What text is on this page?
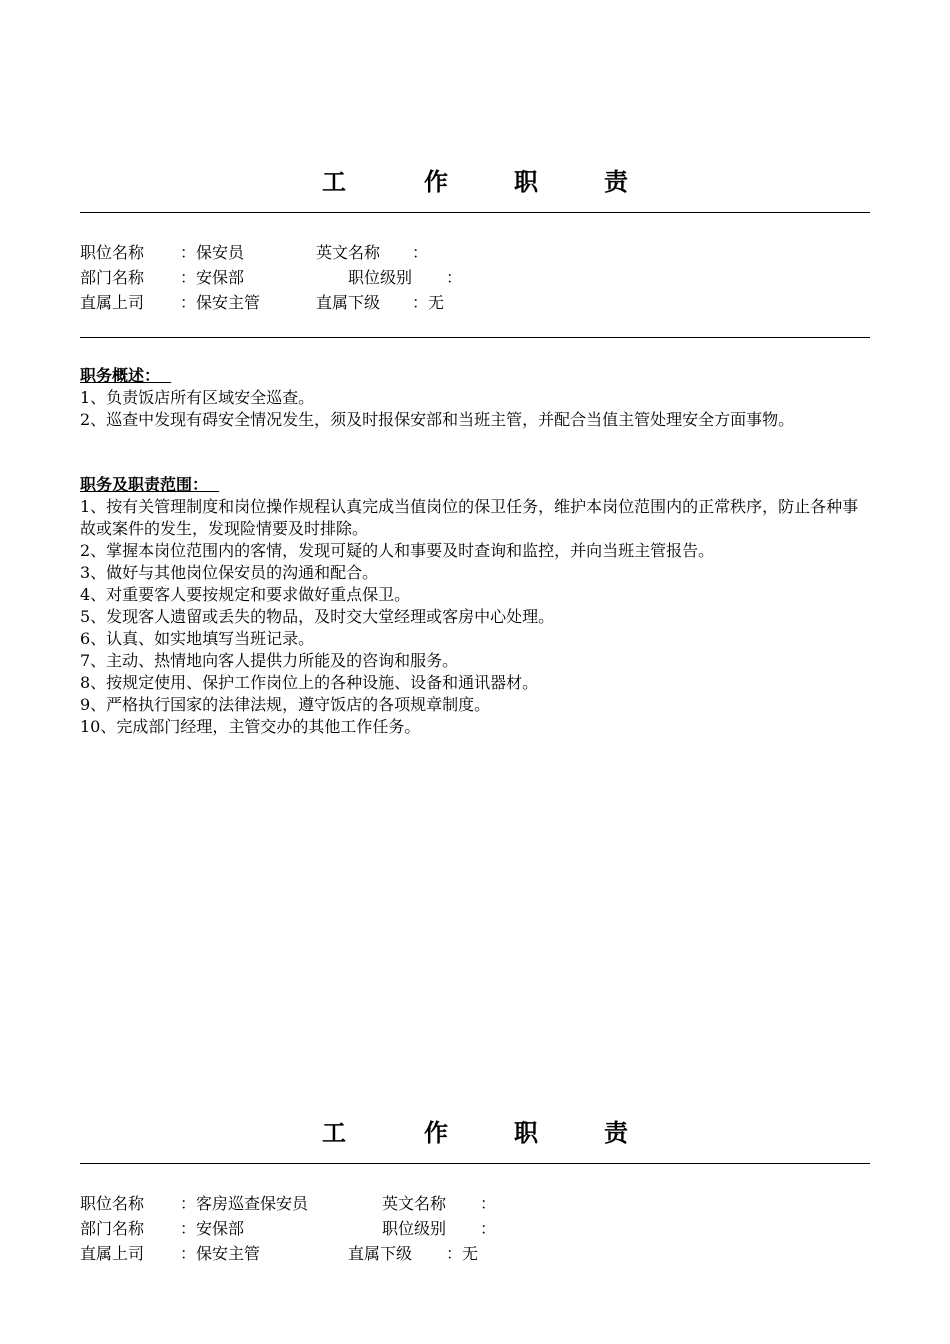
工	作	职	责
职位名称 ：保安员	英文名称 ：
部门名称 ：安保部	职位级别 ：
直属上司 ：保安主管	直属下级 ：无
职务概述：
1、负责饭店所有区域安全巡查。
2、巡查中发现有碍安全情况发生，须及时报保安部和当班主管，并配合当值主管处理安全方面事物。
职务及职责范围：
1、按有关管理制度和岗位操作规程认真完成当值岗位的保卫任务，维护本岗位范围内的正常秩序，防止各种事故或案件的发生，发现险情要及时排除。
2、掌握本岗位范围内的客情，发现可疑的人和事要及时查询和监控，并向当班主管报告。
3、做好与其他岗位保安员的沟通和配合。
4、对重要客人要按规定和要求做好重点保卫。
5、发现客人遗留或丢失的物品，及时交大堂经理或客房中心处理。
6、认真、如实地填写当班记录。
7、主动、热情地向客人提供力所能及的咨询和服务。
8、按规定使用、保护工作岗位上的各种设施、设备和通讯器材。
9、严格执行国家的法律法规，遵守饭店的各项规章制度。
10、完成部门经理，主管交办的其他工作任务。
工	作	职	责
职位名称 ：客房巡查保安员	英文名称 ：
部门名称 ：安保部	职位级别 ：
直属上司 ：保安主管	直属下级 ：无
